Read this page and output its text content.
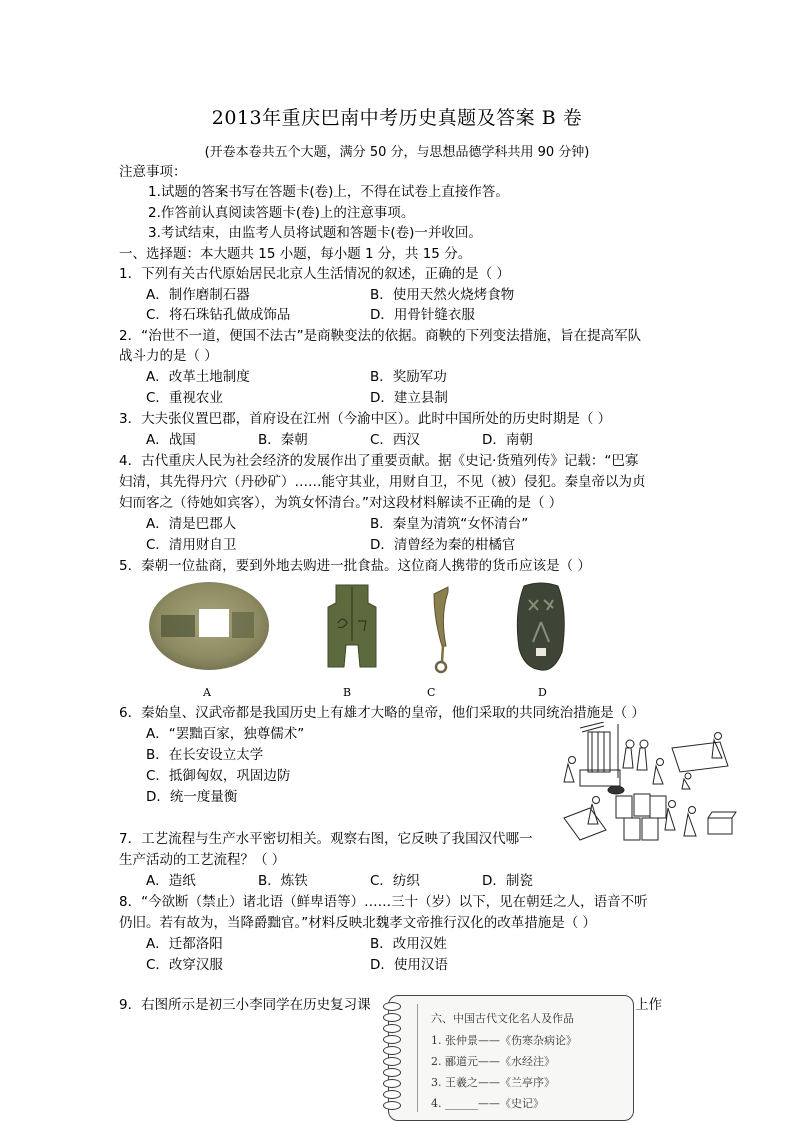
2013年重庆巴南中考历史真题及答案 B 卷
(开卷本卷共五个大题，满分 50 分，与思想品德学科共用 90 分钟)
注意事项：
1.试题的答案书写在答题卡(卷)上，不得在试卷上直接作答。
2.作答前认真阅读答题卡(卷)上的注意事项。
3.考试结束，由监考人员将试题和答题卡(卷)一并收回。
一、选择题：本大题共 15 小题，每小题 1 分，共 15 分。
1．下列有关古代原始居民北京人生活情况的叙述，正确的是（ ）
A．制作磨制石器	B．使用天然火烧烤食物
C．将石珠钻孔做成饰品	D．用骨针缝衣服
2．“治世不一道，便国不法古”是商鞅变法的依据。商鞅的下列变法措施，旨在提高军队
战斗力的是（ ）
A．改革土地制度	B．奖励军功
C．重视农业	D．建立县制
3．大夫张仪置巴郡，首府设在江州（今渝中区）。此时中国所处的历史时期是（ ）
A．战国	B．秦朝	C．西汉	D．南朝
4．古代重庆人民为社会经济的发展作出了重要贡献。据《史记·货殖列传》记载：“巴寡
妇清，其先得丹穴（丹砂矿）……能守其业，用财自卫，不见（被）侵犯。秦皇帝以为贞
妇而客之（待她如宾客），为筑女怀清台。”对这段材料解读不正确的是（ ）
A．清是巴郡人	B．秦皇为清筑“女怀清台”
C．清用财自卫	D．清曾经为秦的柑橘官
5．秦朝一位盐商，要到外地去购进一批食盐。这位商人携带的货币应该是（ ）
A	B	C	D
6．秦始皇、汉武帝都是我国历史上有雄才大略的皇帝，他们采取的共同统治措施是（ ）
A．“罢黜百家，独尊儒术”
B．在长安设立太学
C．抵御匈奴，巩固边防
D．统一度量衡
7．工艺流程与生产水平密切相关。观察右图，它反映了我国汉代哪一
生产活动的工艺流程？（ ）
A．造纸	B．炼铁	C．纺织	D．制瓷
8．“今欲断（禁止）诸北语（鲜卑语等）……三十（岁）以下，见在朝廷之人，语音不听
仍旧。若有故为，当降爵黜官。”材料反映北魏孝文帝推行汉化的改革措施是（ ）
A．迁都洛阳	B．改用汉姓
C．改穿汉服	D．使用汉语
9．右图所示是初三小李同学在历史复习课	上作
六、中国古代文化名人及作品
1. 张仲景——《伤寒杂病论》
2. 郦道元——《水经注》
3. 王羲之——《兰亭序》
4. ______——《史记》
